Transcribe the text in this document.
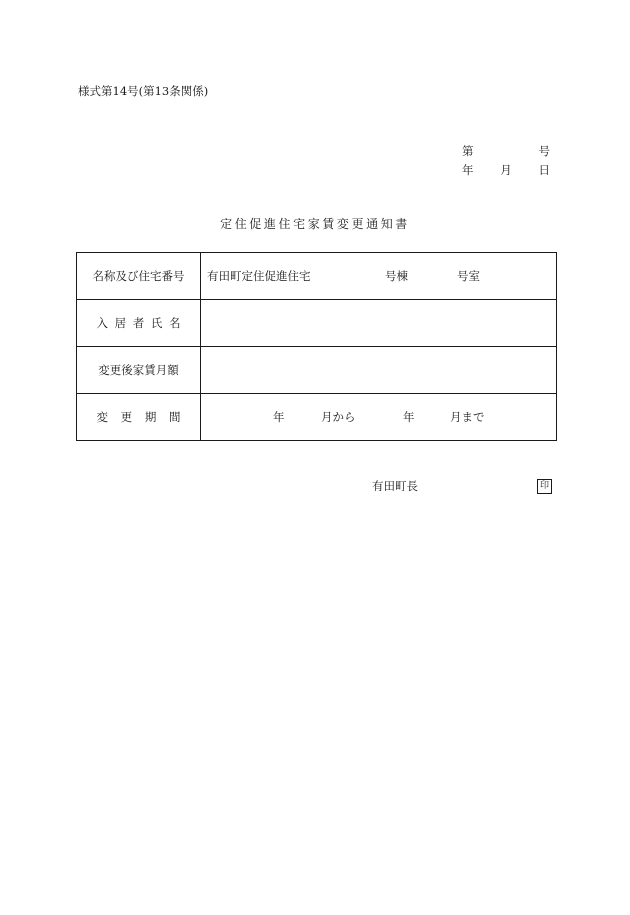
様式第14号(第13条関係)
第	号
年 月 日
定住促進住宅家賃変更通知書
名称及び住宅番号	有田町定住促進住宅 号棟 号室

入 居 者 氏 名	

変更後家賃月額	

変 更 期 間	年 月から 年 月まで
有田町長	印
